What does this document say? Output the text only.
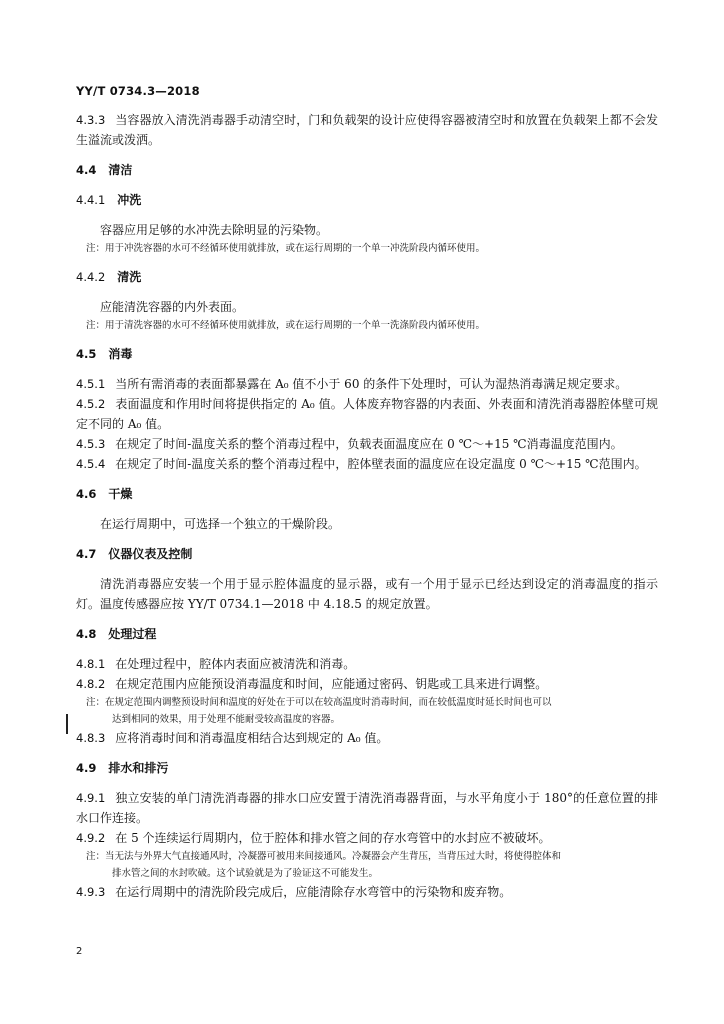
YY/T 0734.3—2018

4.3.3 当容器放入清洗消毒器手动清空时，门和负载架的设计应使得容器被清空时和放置在负载架上都不会发生溢流或泼洒。

4.4 清洁
4.4.1 冲洗

容器应用足够的水冲洗去除明显的污染物。

注：用于冲洗容器的水可不经循环使用就排放，或在运行周期的一个单一冲洗阶段内循环使用。

4.4.2 清洗

应能清洗容器的内外表面。

注：用于清洗容器的水可不经循环使用就排放，或在运行周期的一个单一洗涤阶段内循环使用。

4.5 消毒

4.5.1 当所有需消毒的表面都暴露在 A₀ 值不小于 60 的条件下处理时，可认为湿热消毒满足规定要求。

4.5.2 表面温度和作用时间将提供指定的 A₀ 值。人体废弃物容器的内表面、外表面和清洗消毒器腔体壁可规定不同的 A₀ 值。

4.5.3 在规定了时间-温度关系的整个消毒过程中，负载表面温度应在 0 ℃～+15 ℃消毒温度范围内。

4.5.4 在规定了时间-温度关系的整个消毒过程中，腔体壁表面的温度应在设定温度 0 ℃～+15 ℃范围内。

4.6 干燥

在运行周期中，可选择一个独立的干燥阶段。

4.7 仪器仪表及控制

清洗消毒器应安装一个用于显示腔体温度的显示器，或有一个用于显示已经达到设定的消毒温度的指示灯。温度传感器应按 YY/T 0734.1—2018 中 4.18.5 的规定放置。

4.8 处理过程

4.8.1 在处理过程中，腔体内表面应被清洗和消毒。

4.8.2 在规定范围内应能预设消毒温度和时间，应能通过密码、钥匙或工具来进行调整。

注：在规定范围内调整预设时间和温度的好处在于可以在较高温度时消毒时间，而在较低温度时延长时间也可以

达到相同的效果，用于处理不能耐受较高温度的容器。

4.8.3 应将消毒时间和消毒温度相结合达到规定的 A₀ 值。

4.9 排水和排污

4.9.1 独立安装的单门清洗消毒器的排水口应安置于清洗消毒器背面，与水平角度小于 180°的任意位置的排水口作连接。

4.9.2 在 5 个连续运行周期内，位于腔体和排水管之间的存水弯管中的水封应不被破坏。

注：当无法与外界大气直接通风时，冷凝器可被用来间接通风。冷凝器会产生背压，当背压过大时，将使得腔体和

排水管之间的水封吹破。这个试验就是为了验证这不可能发生。

4.9.3 在运行周期中的清洗阶段完成后，应能清除存水弯管中的污染物和废弃物。

2
